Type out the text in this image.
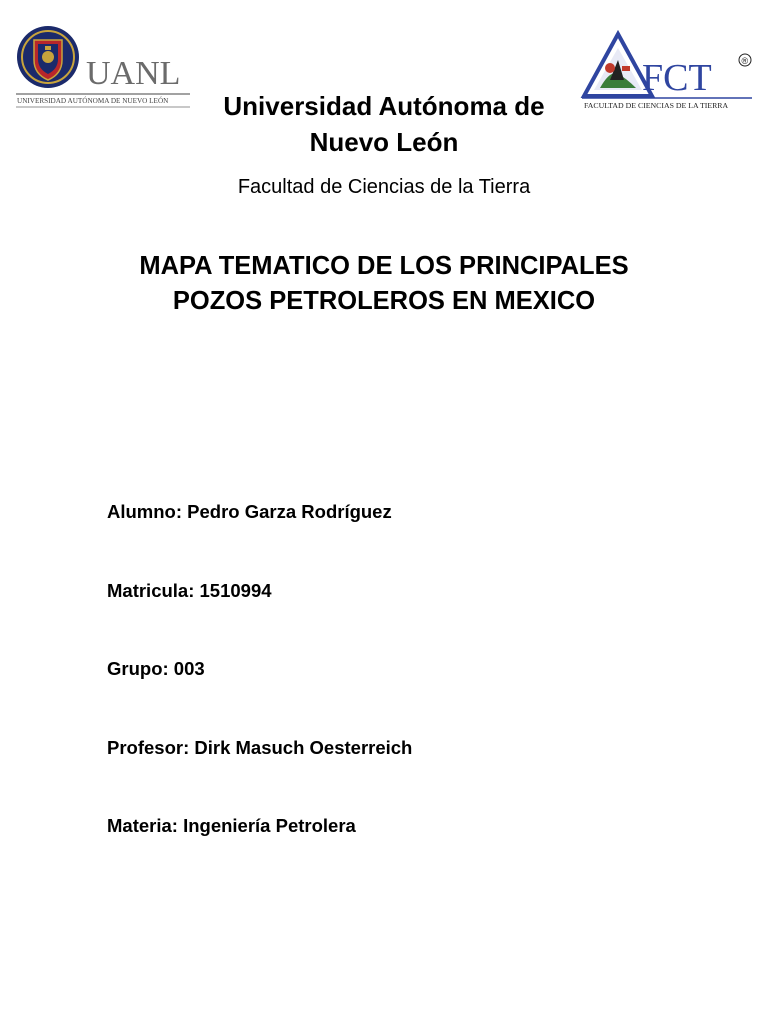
UANL
UNIVERSIDAD AUTÓNOMA DE NUEVO LEÓN
FCT	®
FACULTAD DE CIENCIAS DE LA TIERRA
Universidad Autónoma de
Nuevo León
Facultad de Ciencias de la Tierra
MAPA TEMATICO DE LOS PRINCIPALES
POZOS PETROLEROS EN MEXICO
Alumno: Pedro Garza Rodríguez
Matricula: 1510994
Grupo: 003
Profesor: Dirk Masuch Oesterreich
Materia: Ingeniería Petrolera
